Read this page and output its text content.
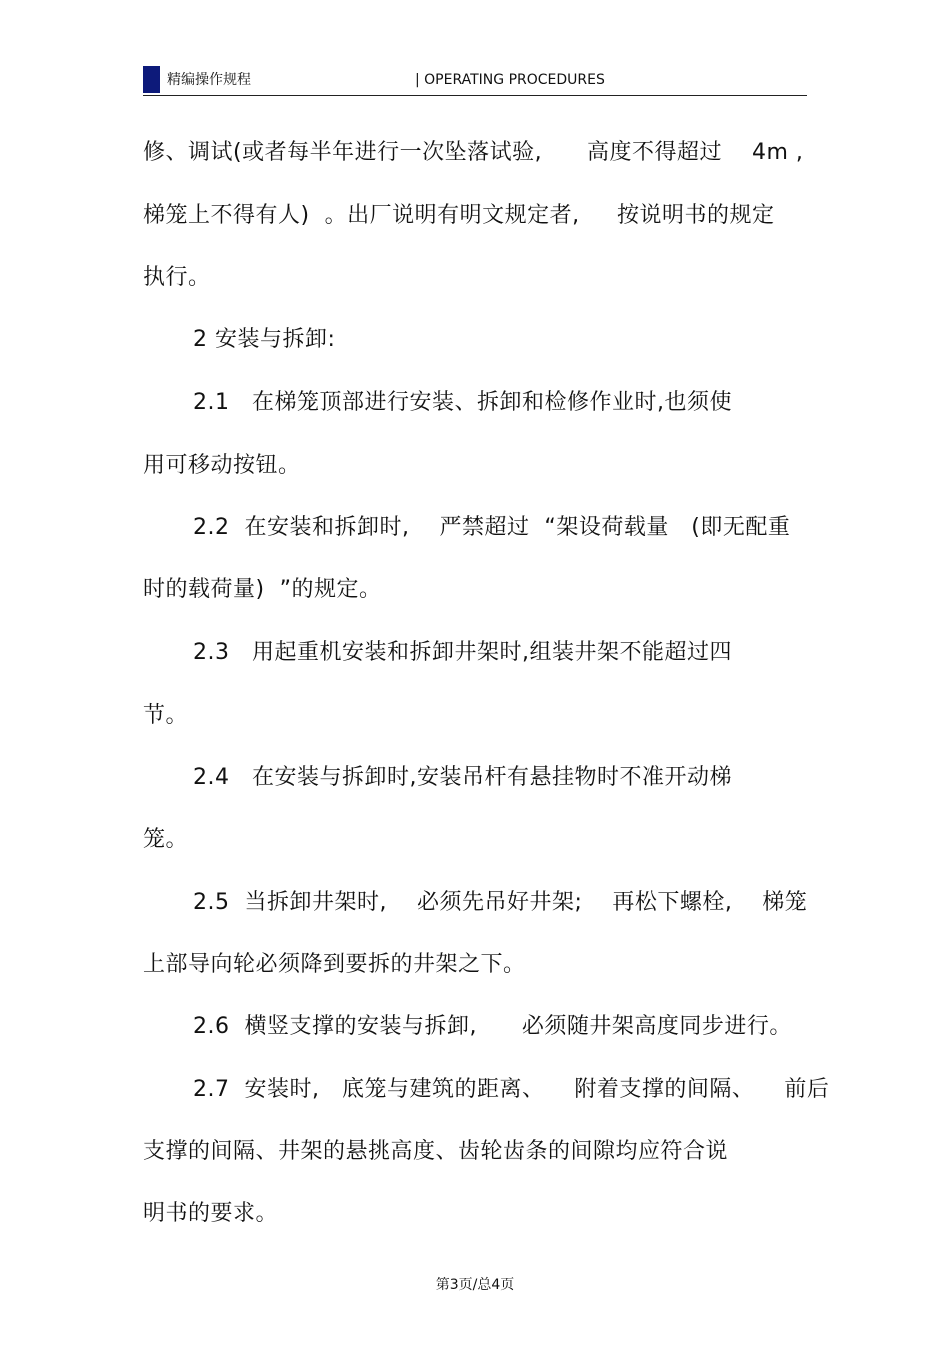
精编操作规程	| OPERATING PROCEDURES
修、调试(或者每半年进行一次坠落试验,      高度不得超过    4m ,
梯笼上不得有人)  。出厂说明有明文规定者,     按说明书的规定
执行。
2 安装与拆卸:
2.1   在梯笼顶部进行安装、拆卸和检修作业时,也须使
用可移动按钮。
2.2  在安装和拆卸时,    严禁超过  “架设荷载量   (即无配重
时的载荷量)  ”的规定。
2.3   用起重机安装和拆卸井架时,组装井架不能超过四
节。
2.4   在安装与拆卸时,安装吊杆有悬挂物时不准开动梯
笼。
2.5  当拆卸井架时,    必须先吊好井架;    再松下螺栓,    梯笼
上部导向轮必须降到要拆的井架之下。
2.6  横竖支撑的安装与拆卸,      必须随井架高度同步进行。
2.7  安装时,   底笼与建筑的距离、    附着支撑的间隔、    前后
支撑的间隔、井架的悬挑高度、齿轮齿条的间隙均应符合说
明书的要求。
第3页/总4页
